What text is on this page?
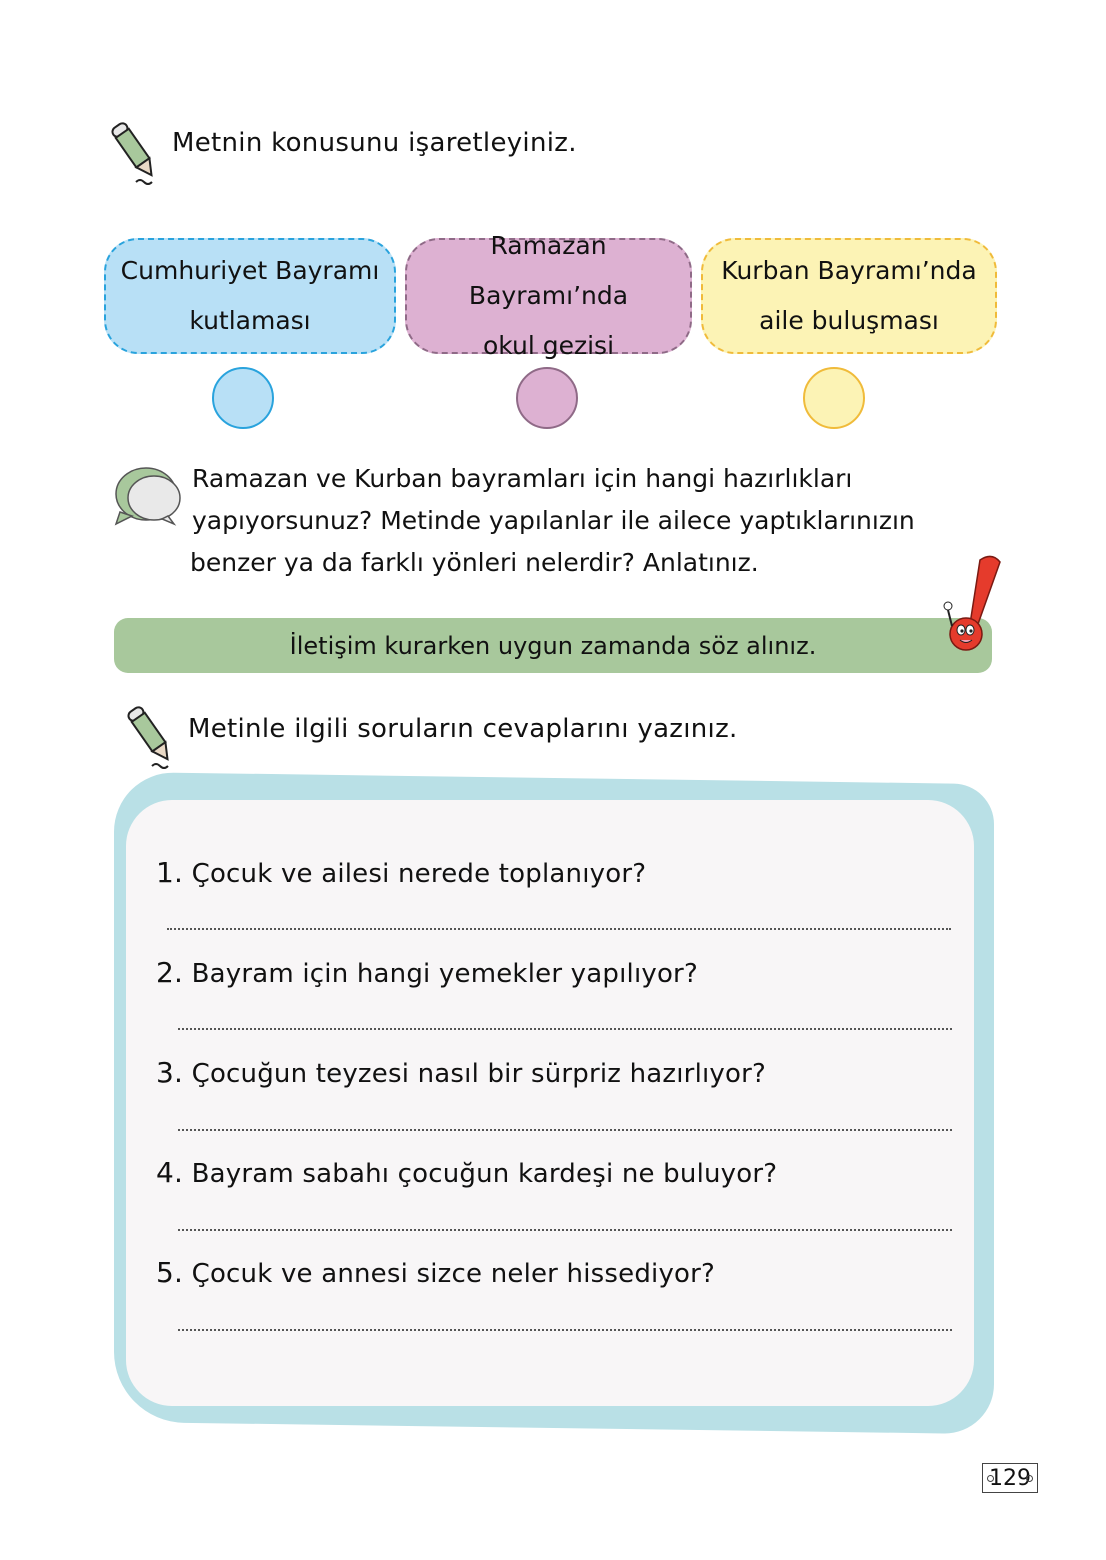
Metnin konusunu işaretleyiniz.
Cumhuriyet Bayramı
kutlaması
Ramazan Bayramı’nda
okul gezisi
Kurban Bayramı’nda
aile buluşması
Ramazan ve Kurban bayramları için hangi hazırlıkları
yapıyorsunuz? Metinde yapılanlar ile ailece yaptıklarınızın
benzer ya da farklı yönleri nelerdir? Anlatınız.
İletişim kurarken uygun zamanda söz alınız.
Metinle ilgili soruların cevaplarını yazınız.
1. Çocuk ve ailesi nerede toplanıyor?
2. Bayram için hangi yemekler yapılıyor?
3. Çocuğun teyzesi nasıl bir sürpriz hazırlıyor?
4. Bayram sabahı çocuğun kardeşi ne buluyor?
5. Çocuk ve annesi sizce neler hissediyor?
129
